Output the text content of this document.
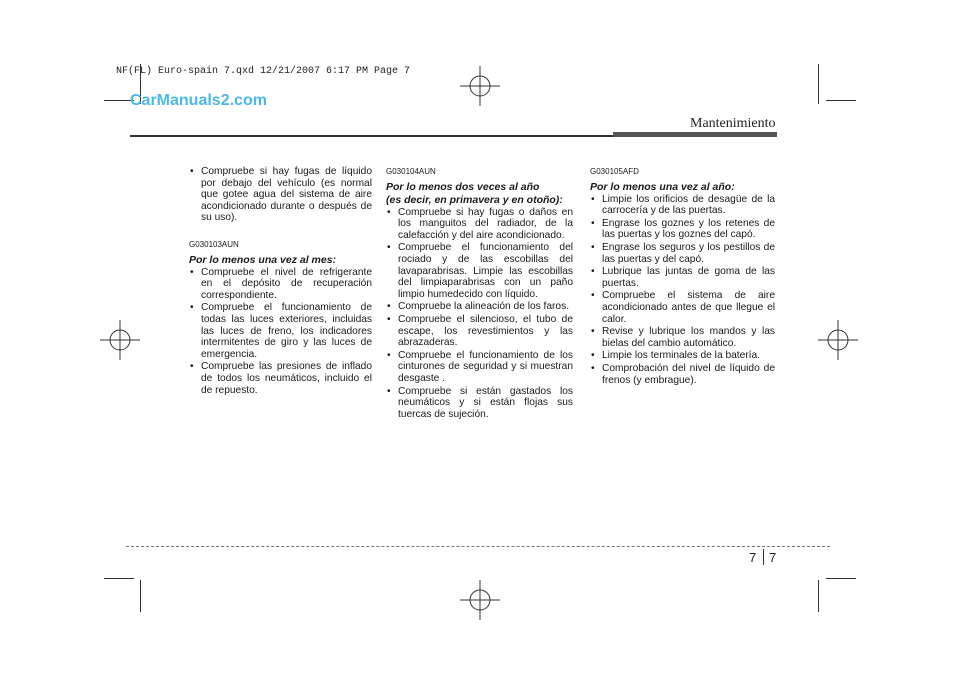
NF(FL) Euro-spain 7.qxd 12/21/2007 6:17 PM Page 7
CarManuals2.com
Mantenimiento
• Compruebe si hay fugas de líquido por debajo del vehículo (es normal que gotee agua del sistema de aire acondicionado durante o después de su uso).
G030103AUN
Por lo menos una vez al mes:
• Compruebe el nivel de refrigerante en el depósito de recuperación correspondiente.
• Compruebe el funcionamiento de todas las luces exteriores, incluidas las luces de freno, los indicadores intermitentes de giro y las luces de emergencia.
• Compruebe las presiones de inflado de todos los neumáticos, incluido el de repuesto.
G030104AUN
Por lo menos dos veces al año
(es decir, en primavera y en otoño):
• Compruebe si hay fugas o daños en los manguitos del radiador, de la calefacción y del aire acondicionado.
• Compruebe el funcionamiento del rociado y de las escobillas del lavaparabrisas. Limpie las escobillas del limpiaparabrisas con un paño limpio humedecido con líquido.
• Compruebe la alineación de los faros.
• Compruebe el silencioso, el tubo de escape, los revestimientos y las abrazaderas.
• Compruebe el funcionamiento de los cinturones de seguridad y si muestran desgaste .
• Compruebe si están gastados los neumáticos y si están flojas sus tuercas de sujeción.
G030105AFD
Por lo menos una vez al año:
• Limpie los orificios de desagüe de la carrocería y de las puertas.
• Engrase los goznes y los retenes de las puertas y los goznes del capó.
• Engrase los seguros y los pestillos de las puertas y del capó.
• Lubrique las juntas de goma de las puertas.
• Compruebe el sistema de aire acondicionado antes de que llegue el calor.
• Revise y lubrique los mandos y las bielas del cambio automático.
• Limpie los terminales de la batería.
• Comprobación del nivel de líquido de frenos (y embrague).
7 7
